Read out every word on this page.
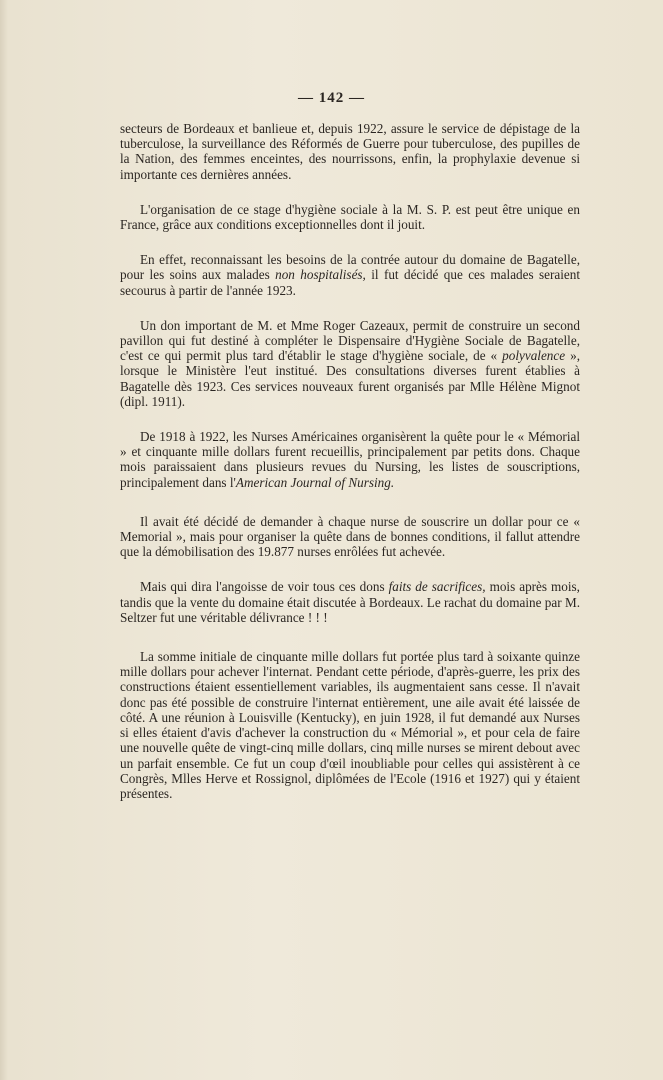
— 142 —

secteurs de Bordeaux et banlieue et, depuis 1922, assure le service de dépistage de la tuberculose, la surveillance des Réformés de Guerre pour tuberculose, des pupilles de la Nation, des femmes enceintes, des nourrissons, enfin, la prophylaxie devenue si importante ces dernières années.

L'organisation de ce stage d'hygiène sociale à la M. S. P. est peut être unique en France, grâce aux conditions exceptionnelles dont il jouit.

En effet, reconnaissant les besoins de la contrée autour du domaine de Bagatelle, pour les soins aux malades non hospitalisés, il fut décidé que ces malades seraient secourus à partir de l'année 1923.

Un don important de M. et Mme Roger Cazeaux, permit de construire un second pavillon qui fut destiné à compléter le Dispensaire d'Hygiène Sociale de Bagatelle, c'est ce qui permit plus tard d'établir le stage d'hygiène sociale, de « polyvalence », lorsque le Ministère l'eut institué. Des consultations diverses furent établies à Bagatelle dès 1923. Ces services nouveaux furent organisés par Mlle Hélène Mignot (dipl. 1911).

De 1918 à 1922, les Nurses Américaines organisèrent la quête pour le « Mémorial » et cinquante mille dollars furent recueillis, principalement par petits dons. Chaque mois paraissaient dans plusieurs revues du Nursing, les listes de souscriptions, principalement dans l'American Journal of Nursing.

Il avait été décidé de demander à chaque nurse de souscrire un dollar pour ce « Memorial », mais pour organiser la quête dans de bonnes conditions, il fallut attendre que la démobilisation des 19.877 nurses enrôlées fut achevée.

Mais qui dira l'angoisse de voir tous ces dons faits de sacrifices, mois après mois, tandis que la vente du domaine était discutée à Bordeaux. Le rachat du domaine par M. Seltzer fut une véritable délivrance ! ! !

La somme initiale de cinquante mille dollars fut portée plus tard à soixante quinze mille dollars pour achever l'internat. Pendant cette période, d'après-guerre, les prix des constructions étaient essentiellement variables, ils augmentaient sans cesse. Il n'avait donc pas été possible de construire l'internat entièrement, une aile avait été laissée de côté. A une réunion à Louisville (Kentucky), en juin 1928, il fut demandé aux Nurses si elles étaient d'avis d'achever la construction du « Mémorial », et pour cela de faire une nouvelle quête de vingt-cinq mille dollars, cinq mille nurses se mirent debout avec un parfait ensemble. Ce fut un coup d'œil inoubliable pour celles qui assistèrent à ce Congrès, Mlles Herve et Rossignol, diplômées de l'Ecole (1916 et 1927) qui y étaient présentes.
